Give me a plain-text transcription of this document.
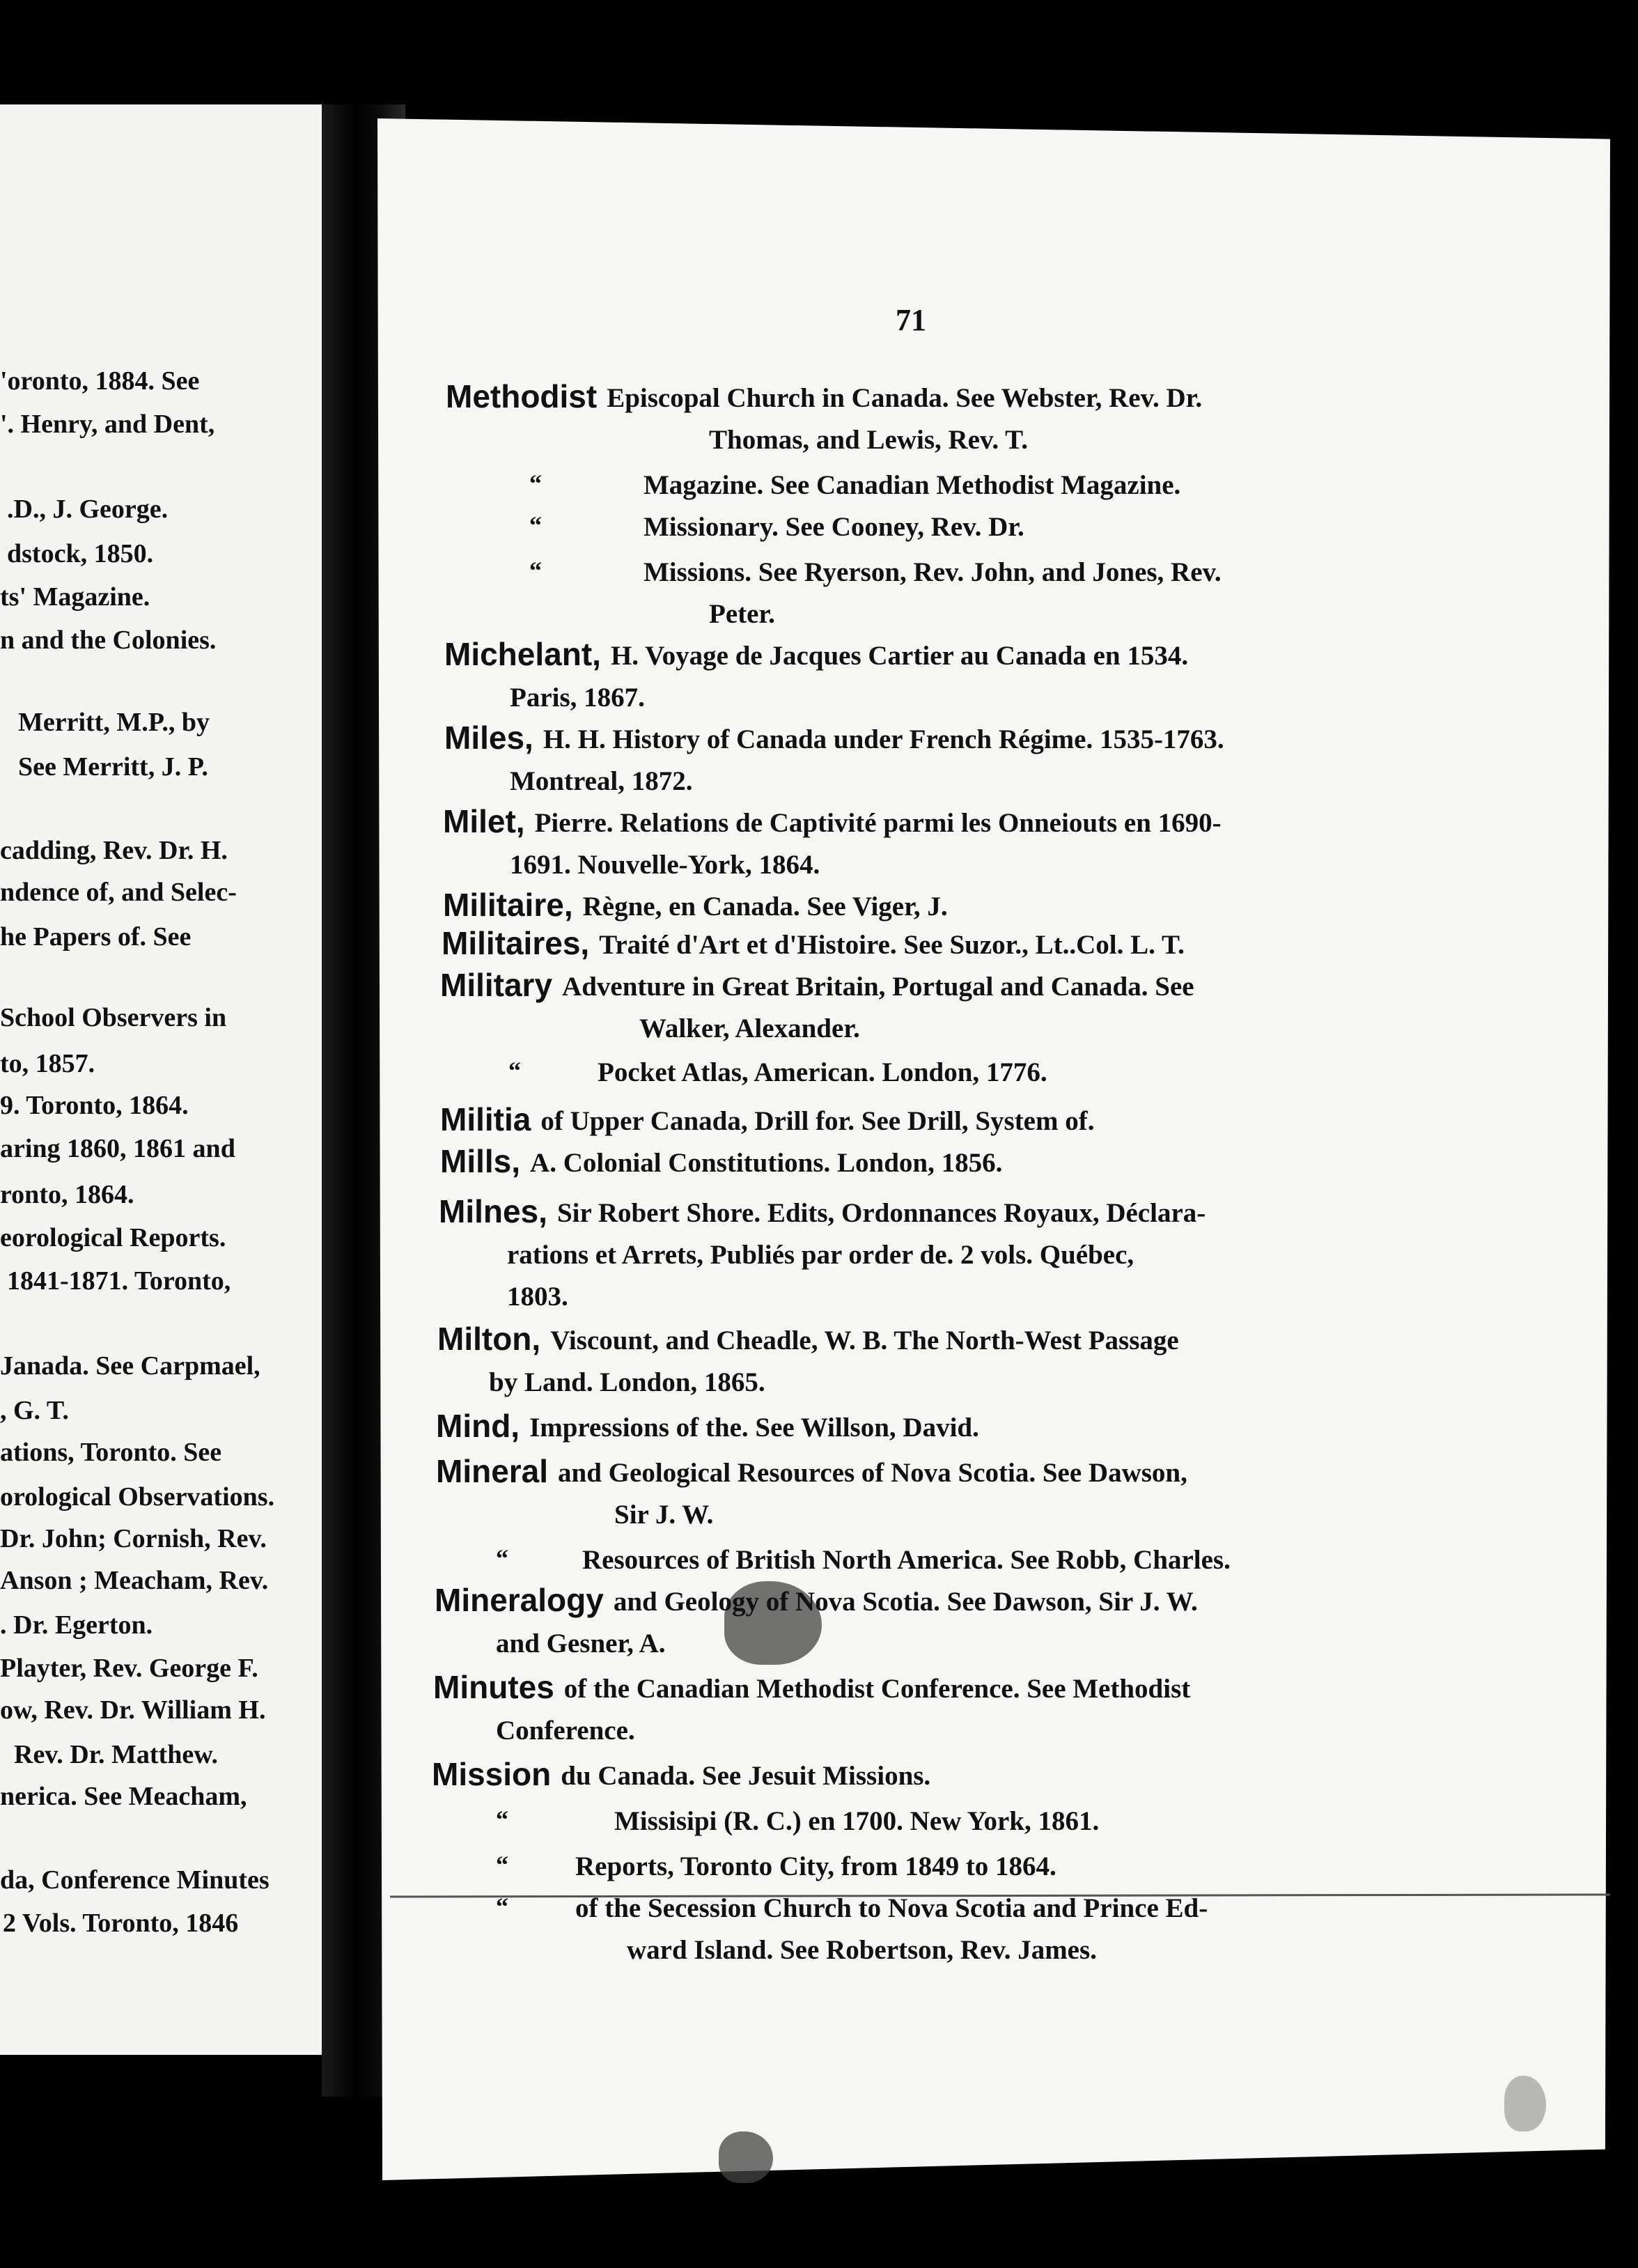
71
Methodist Episcopal Church in Canada. See Webster, Rev. Dr.
Thomas, and Lewis, Rev. T.
“	Magazine. See Canadian Methodist Magazine.
“	Missionary. See Cooney, Rev. Dr.
“	Missions. See Ryerson, Rev. John, and Jones, Rev.
Peter.
Michelant, H. Voyage de Jacques Cartier au Canada en 1534.
Paris, 1867.
Miles, H. H. History of Canada under French Régime. 1535-1763.
Montreal, 1872.
Milet, Pierre. Relations de Captivité parmi les Onneiouts en 1690-
1691. Nouvelle-York, 1864.
Militaire, Règne, en Canada. See Viger, J.
Militaires, Traité d'Art et d'Histoire. See Suzor., Lt..Col. L. T.
Military Adventure in Great Britain, Portugal and Canada. See
Walker, Alexander.
“	Pocket Atlas, American. London, 1776.
Militia of Upper Canada, Drill for. See Drill, System of.
Mills, A. Colonial Constitutions. London, 1856.
Milnes, Sir Robert Shore. Edits, Ordonnances Royaux, Déclara-
rations et Arrets, Publiés par order de. 2 vols. Québec,
1803.
Milton, Viscount, and Cheadle, W. B. The North-West Passage
by Land. London, 1865.
Mind, Impressions of the. See Willson, David.
Mineral and Geological Resources of Nova Scotia. See Dawson,
Sir J. W.
“	Resources of British North America. See Robb, Charles.
Mineralogy and Geology of Nova Scotia. See Dawson, Sir J. W.
and Gesner, A.
Minutes of the Canadian Methodist Conference. See Methodist
Conference.
Mission du Canada. See Jesuit Missions.
“	Missisipi (R. C.) en 1700. New York, 1861.
“ Reports, Toronto City, from 1849 to 1864.
“ of the Secession Church to Nova Scotia and Prince Ed-
ward Island. See Robertson, Rev. James.
'oronto, 1884. See
'. Henry, and Dent,
.D., J. George.
dstock, 1850.
ts' Magazine.
n and the Colonies.
Merritt, M.P., by
See Merritt, J. P.
cadding, Rev. Dr. H.
ndence of, and Selec-
he Papers of. See
School Observers in
to, 1857.
9. Toronto, 1864.
aring 1860, 1861 and
ronto, 1864.
eorological Reports.
1841-1871. Toronto,
Janada. See Carpmael,
, G. T.
ations, Toronto. See
orological Observations.
Dr. John; Cornish, Rev.
Anson ; Meacham, Rev.
. Dr. Egerton.
Playter, Rev. George F.
ow, Rev. Dr. William H.
Rev. Dr. Matthew.
nerica. See Meacham,
da, Conference Minutes
2 Vols. Toronto, 1846
